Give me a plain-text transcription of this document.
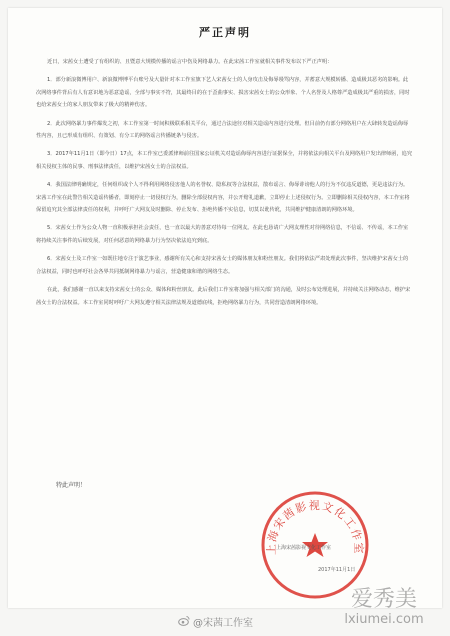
严正声明

近日，宋茜女士遭受了有组织的、且暨意大规模传播的谣言中伤及网络暴力。在此宋茜工作室就相关事件发布以下严正声明：

1．部分新浪微博用户、新浪微博博平台账号及大量针对本工作室旗下艺人宋茜女士的人身攻击及侮辱谩骂内容，并蓄意大规模转播、造成极其恶劣的影响。此次网络事件背后有人有意识地为恶意造谣，全部与事实不符，其最终目的在于歪曲事实、损害宋茜女士的公众形象、个人名誉及人格尊严造成极其严重的损害，同时也给宋茜女士的家人朋友带来了极大的精神伤害。

2．此次网络暴力事件爆发之初，本工作室第一时间积极联系相关平台，通过合法途径对相关造谣内容进行处理。但目前仍有部分网络用户在大肆转发造谣侮辱性内容，且已形成有组织、有策划、有分工的网络谣言传播链条与侵害。

3．2017年11月1日（即今日）17点，本工作室已委派律师前往国家公证机关对造谣侮辱内容进行证据保全，并将依法向相关平台及网络用户发出律师函，追究相关侵权主体的民事、刑事法律责任，以维护宋茜女士的合法权益。

4．我国法律明确规定，任何组织或个人不得利用网络侵害他人的名誉权、隐私权等合法权益，散布谣言、侮辱诽谤他人的行为不仅违反道德，更是违法行为。宋茜工作室在此警告相关造谣传播者，即刻停止一切侵权行为，删除全部侵权内容，并公开赔礼道歉，立即停止上述侵权行为。立即删除相关侵权内容，本工作室将保留追究其全部法律责任的权利，并呼吁广大网友及时删除、停止发布、拒绝传播不实信息，切莫以讹传讹，共同维护健康清朗的网络环境。

5．宋茜女士作为公众人物一直积极承担社会责任，也一直以最大的善意对待每一位网友。在此也恳请广大网友理性对待网络信息，不信谣、不传谣，本工作室将持续关注事件的后续发展，对任何恶意的网络暴力行为坚决依法追究到底。

6．宋茜女士及工作室一如既往地专注于演艺事业，感谢所有关心和支持宋茜女士的媒体朋友和粉丝朋友。我们将依法严肃处理此次事件，坚决维护宋茜女士的合法权益，同时也呼吁社会各界共同抵制网络暴力与谣言，营造健康和谐的网络生态。

在此，我们感谢一直以来支持宋茜女士的公众、媒体和粉丝朋友。此后我们工作室将加强与相关部门的沟通，及时公布处理进展，并持续关注网络动态，维护宋茜女士的合法权益。本工作室同时呼吁广大网友遵守相关法律法规及道德底线，拒绝网络暴力行为，共同营造清朗网络环境。

特此声明！
上海宋茜影视文化工作室
上海宋茜影视文化工作室
2017年11月1日
爱秀美
lxiumei.com
@宋茜工作室
